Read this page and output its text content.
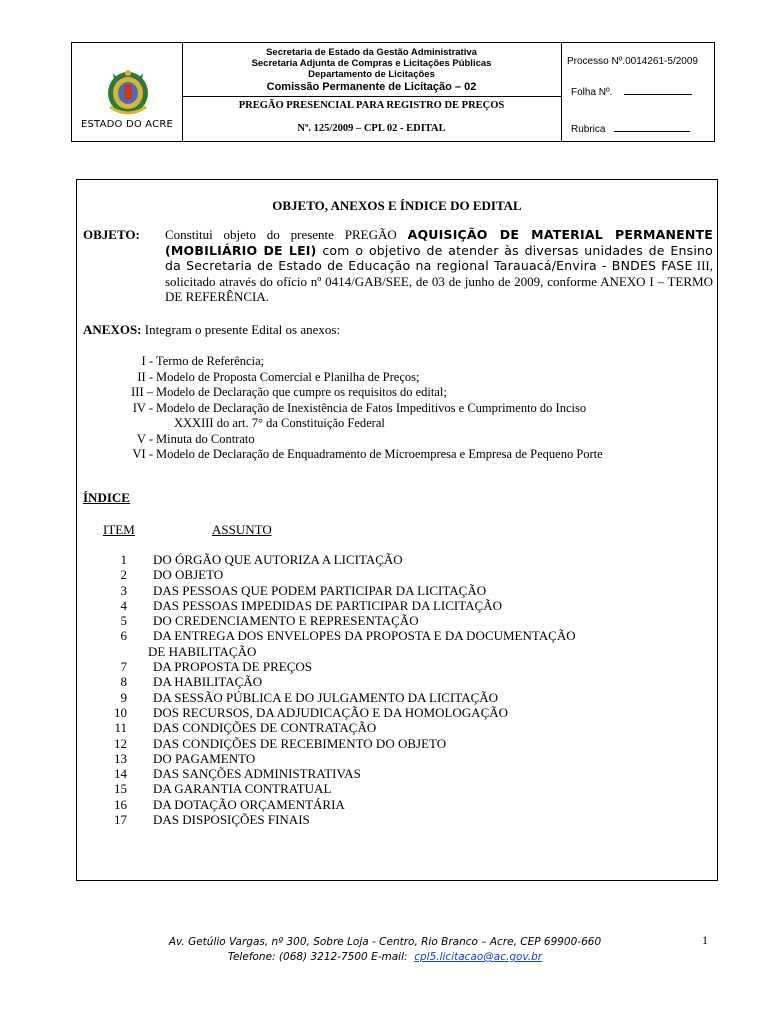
ESTADO DO ACRE
Secretaria de Estado da Gestão Administrativa
Secretaria Adjunta de Compras e Licitações Públicas
Departamento de Licitações
Comissão Permanente de Licitação – 02
PREGÃO PRESENCIAL PARA REGISTRO DE PREÇOS
Nº. 125/2009 – CPL 02 - EDITAL
Processo Nº.0014261-5/2009
Folha Nº.
Rubrica
OBJETO, ANEXOS E ÍNDICE DO EDITAL
OBJETO: Constitui objeto do presente PREGÃO AQUISIÇÃO DE MATERIAL PERMANENTE (MOBILIÁRIO DE LEI) com o objetivo de atender às diversas unidades de Ensino da Secretaria de Estado de Educação na regional Tarauacá/Envira - BNDES FASE III, solicitado através do ofício nº 0414/GAB/SEE, de 03 de junho de 2009, conforme ANEXO I – TERMO DE REFERÊNCIA.
ANEXOS: Integram o presente Edital os anexos:
I - Termo de Referência;
II - Modelo de Proposta Comercial e Planilha de Preços;
III – Modelo de Declaração que cumpre os requisitos do edital;
IV - Modelo de Declaração de Inexistência de Fatos Impeditivos e Cumprimento do Inciso
XXXIII do art. 7° da Constituição Federal
V - Minuta do Contrato
VI - Modelo de Declaração de Enquadramento de Microempresa e Empresa de Pequeno Porte
ÍNDICE
ITEM	ASSUNTO
1 DO ÓRGÃO QUE AUTORIZA A LICITAÇÃO
2 DO OBJETO
3 DAS PESSOAS QUE PODEM PARTICIPAR DA LICITAÇÃO
4 DAS PESSOAS IMPEDIDAS DE PARTICIPAR DA LICITAÇÃO
5 DO CREDENCIAMENTO E REPRESENTAÇÃO
6 DA ENTREGA DOS ENVELOPES DA PROPOSTA E DA DOCUMENTAÇÃO
DE HABILITAÇÃO
7 DA PROPOSTA DE PREÇOS
8 DA HABILITAÇÃO
9 DA SESSÃO PÚBLICA E DO JULGAMENTO DA LICITAÇÃO
10 DOS RECURSOS, DA ADJUDICAÇÃO E DA HOMOLOGAÇÃO
11 DAS CONDIÇÕES DE CONTRATAÇÃO
12 DAS CONDIÇÕES DE RECEBIMENTO DO OBJETO
13 DO PAGAMENTO
14 DAS SANÇÕES ADMINISTRATIVAS
15 DA GARANTIA CONTRATUAL
16 DA DOTAÇÃO ORÇAMENTÁRIA
17 DAS DISPOSIÇÕES FINAIS
Av. Getúlio Vargas, nº 300, Sobre Loja - Centro, Rio Branco – Acre, CEP 69900-660
Telefone: (068) 3212-7500 E-mail: cpl5.licitacao@ac.gov.br
1
